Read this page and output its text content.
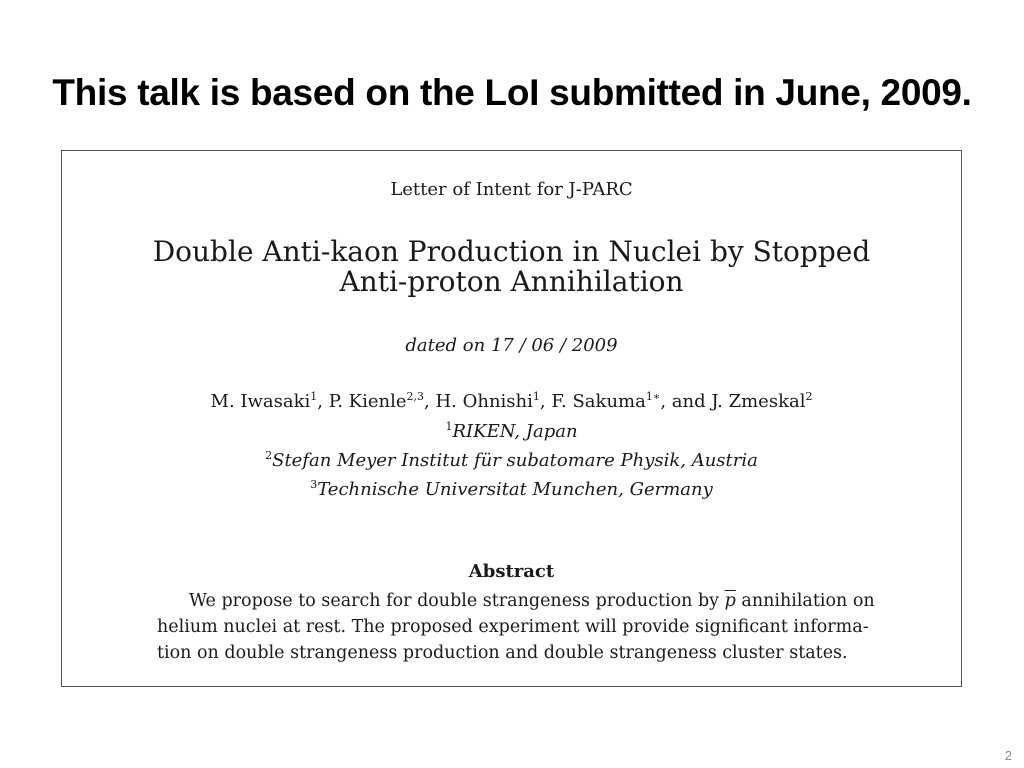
This talk is based on the LoI submitted in June, 2009.
Letter of Intent for J-PARC
Double Anti-kaon Production in Nuclei by Stopped
Anti-proton Annihilation
dated on 17 / 06 / 2009
M. Iwasaki$^1$, P. Kienle$^{2,3}$, H. Ohnishi$^1$, F. Sakuma$^{1∗}$, and J. Zmeskal$^2$
$^1$RIKEN, Japan
$^2$Stefan Meyer Institut für subatomare Physik, Austria
$^3$Technische Universitat Munchen, Germany
Abstract
We propose to search for double strangeness production by $\overline{p}$ annihilation on
helium nuclei at rest. The proposed experiment will provide significant informa-
tion on double strangeness production and double strangeness cluster states.
2
